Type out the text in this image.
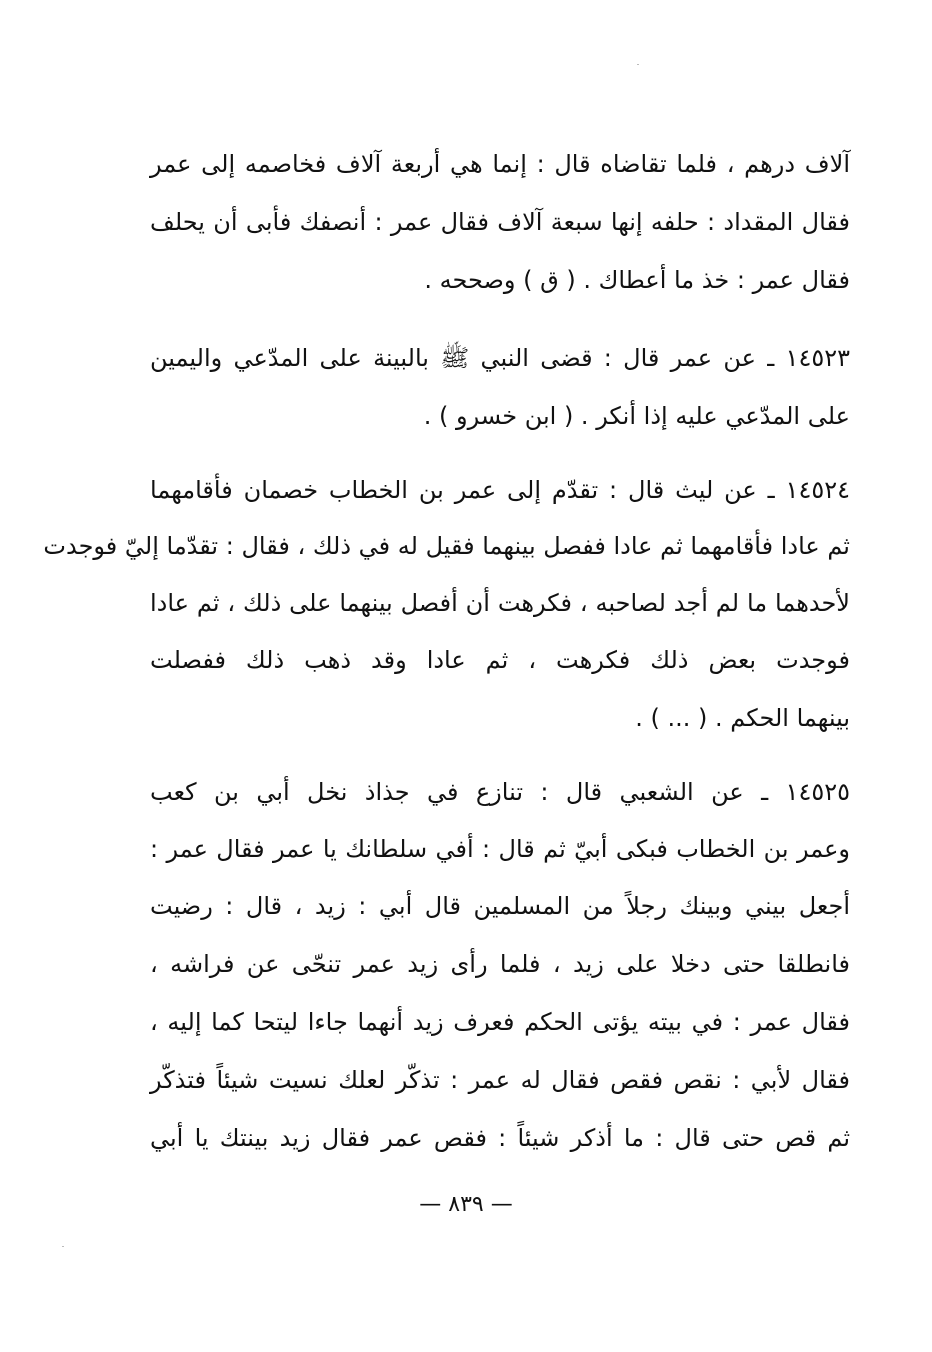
آلاف درهم ، فلما تقاضاه قال : إنما هي أربعة آلاف فخاصمه إلى عمر
فقال المقداد : حلفه إنها سبعة آلاف فقال عمر : أنصفك فأبى أن يحلف
فقال عمر : خذ ما أعطاك . ( ق ) وصححه .
١٤٥٢٣ ـ عن عمر قال : قضى النبي ﷺ بالبينة على المدّعي واليمين
على المدّعي عليه إذا أنكر . ( ابن خسرو ) .
١٤٥٢٤ ـ عن ليث قال : تقدّم إلى عمر بن الخطاب خصمان فأقامهما
ثم عادا فأقامهما ثم عادا ففصل بينهما فقيل له في ذلك ، فقال : تقدّما إليّ فوجدت
لأحدهما ما لم أجد لصاحبه ، فكرهت أن أفصل بينهما على ذلك ، ثم عادا
فوجدت بعض ذلك فكرهت ، ثم عادا وقد ذهب ذلك ففصلت
بينهما الحكم . ( ... ) .
١٤٥٢٥ ـ عن الشعبي قال : تنازع في جذاذ نخل أبي بن كعب
وعمر بن الخطاب فبكى أبيّ ثم قال : أفي سلطانك يا عمر فقال عمر :
أجعل بيني وبينك رجلاً من المسلمين قال أبي : زيد ، قال : رضيت
فانطلقا حتى دخلا على زيد ، فلما رأى زيد عمر تنحّى عن فراشه ،
فقال عمر : في بيته يؤتى الحكم فعرف زيد أنهما جاءا ليتحا كما إليه ،
فقال لأبي : نقص فقص فقال له عمر : تذكّر لعلك نسيت شيئاً فتذكّر
ثم قص حتى قال : ما أذكر شيئاً : فقص عمر فقال زيد بينتك يا أبي
— ٨٣٩ —
